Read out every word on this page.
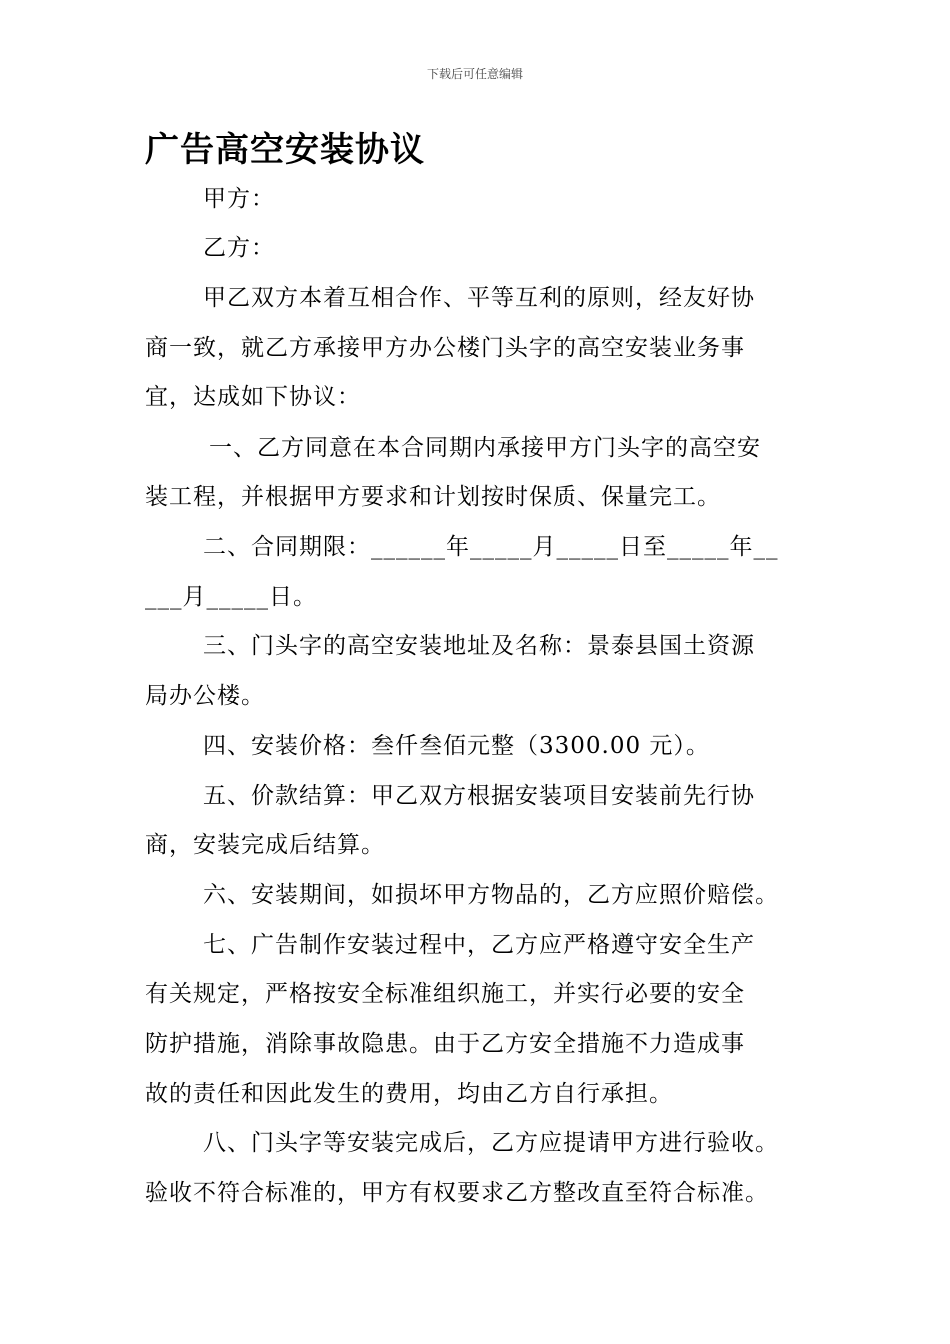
下载后可任意编辑
广告高空安装协议
甲方：
乙方：
甲乙双方本着互相合作、平等互利的原则，经友好协
商一致，就乙方承接甲方办公楼门头字的高空安装业务事
宜，达成如下协议：
一、乙方同意在本合同期内承接甲方门头字的高空安
装工程，并根据甲方要求和计划按时保质、保量完工。
二、合同期限：______年_____月_____日至_____年__
___月_____日。
三、门头字的高空安装地址及名称：景泰县国土资源
局办公楼。
四、安装价格：叁仟叁佰元整（3300.00 元）。
五、价款结算：甲乙双方根据安装项目安装前先行协
商，安装完成后结算。
六、安装期间，如损坏甲方物品的，乙方应照价赔偿。
七、广告制作安装过程中，乙方应严格遵守安全生产
有关规定，严格按安全标准组织施工，并实行必要的安全
防护措施，消除事故隐患。由于乙方安全措施不力造成事
故的责任和因此发生的费用，均由乙方自行承担。
八、门头字等安装完成后，乙方应提请甲方进行验收。
验收不符合标准的，甲方有权要求乙方整改直至符合标准。
